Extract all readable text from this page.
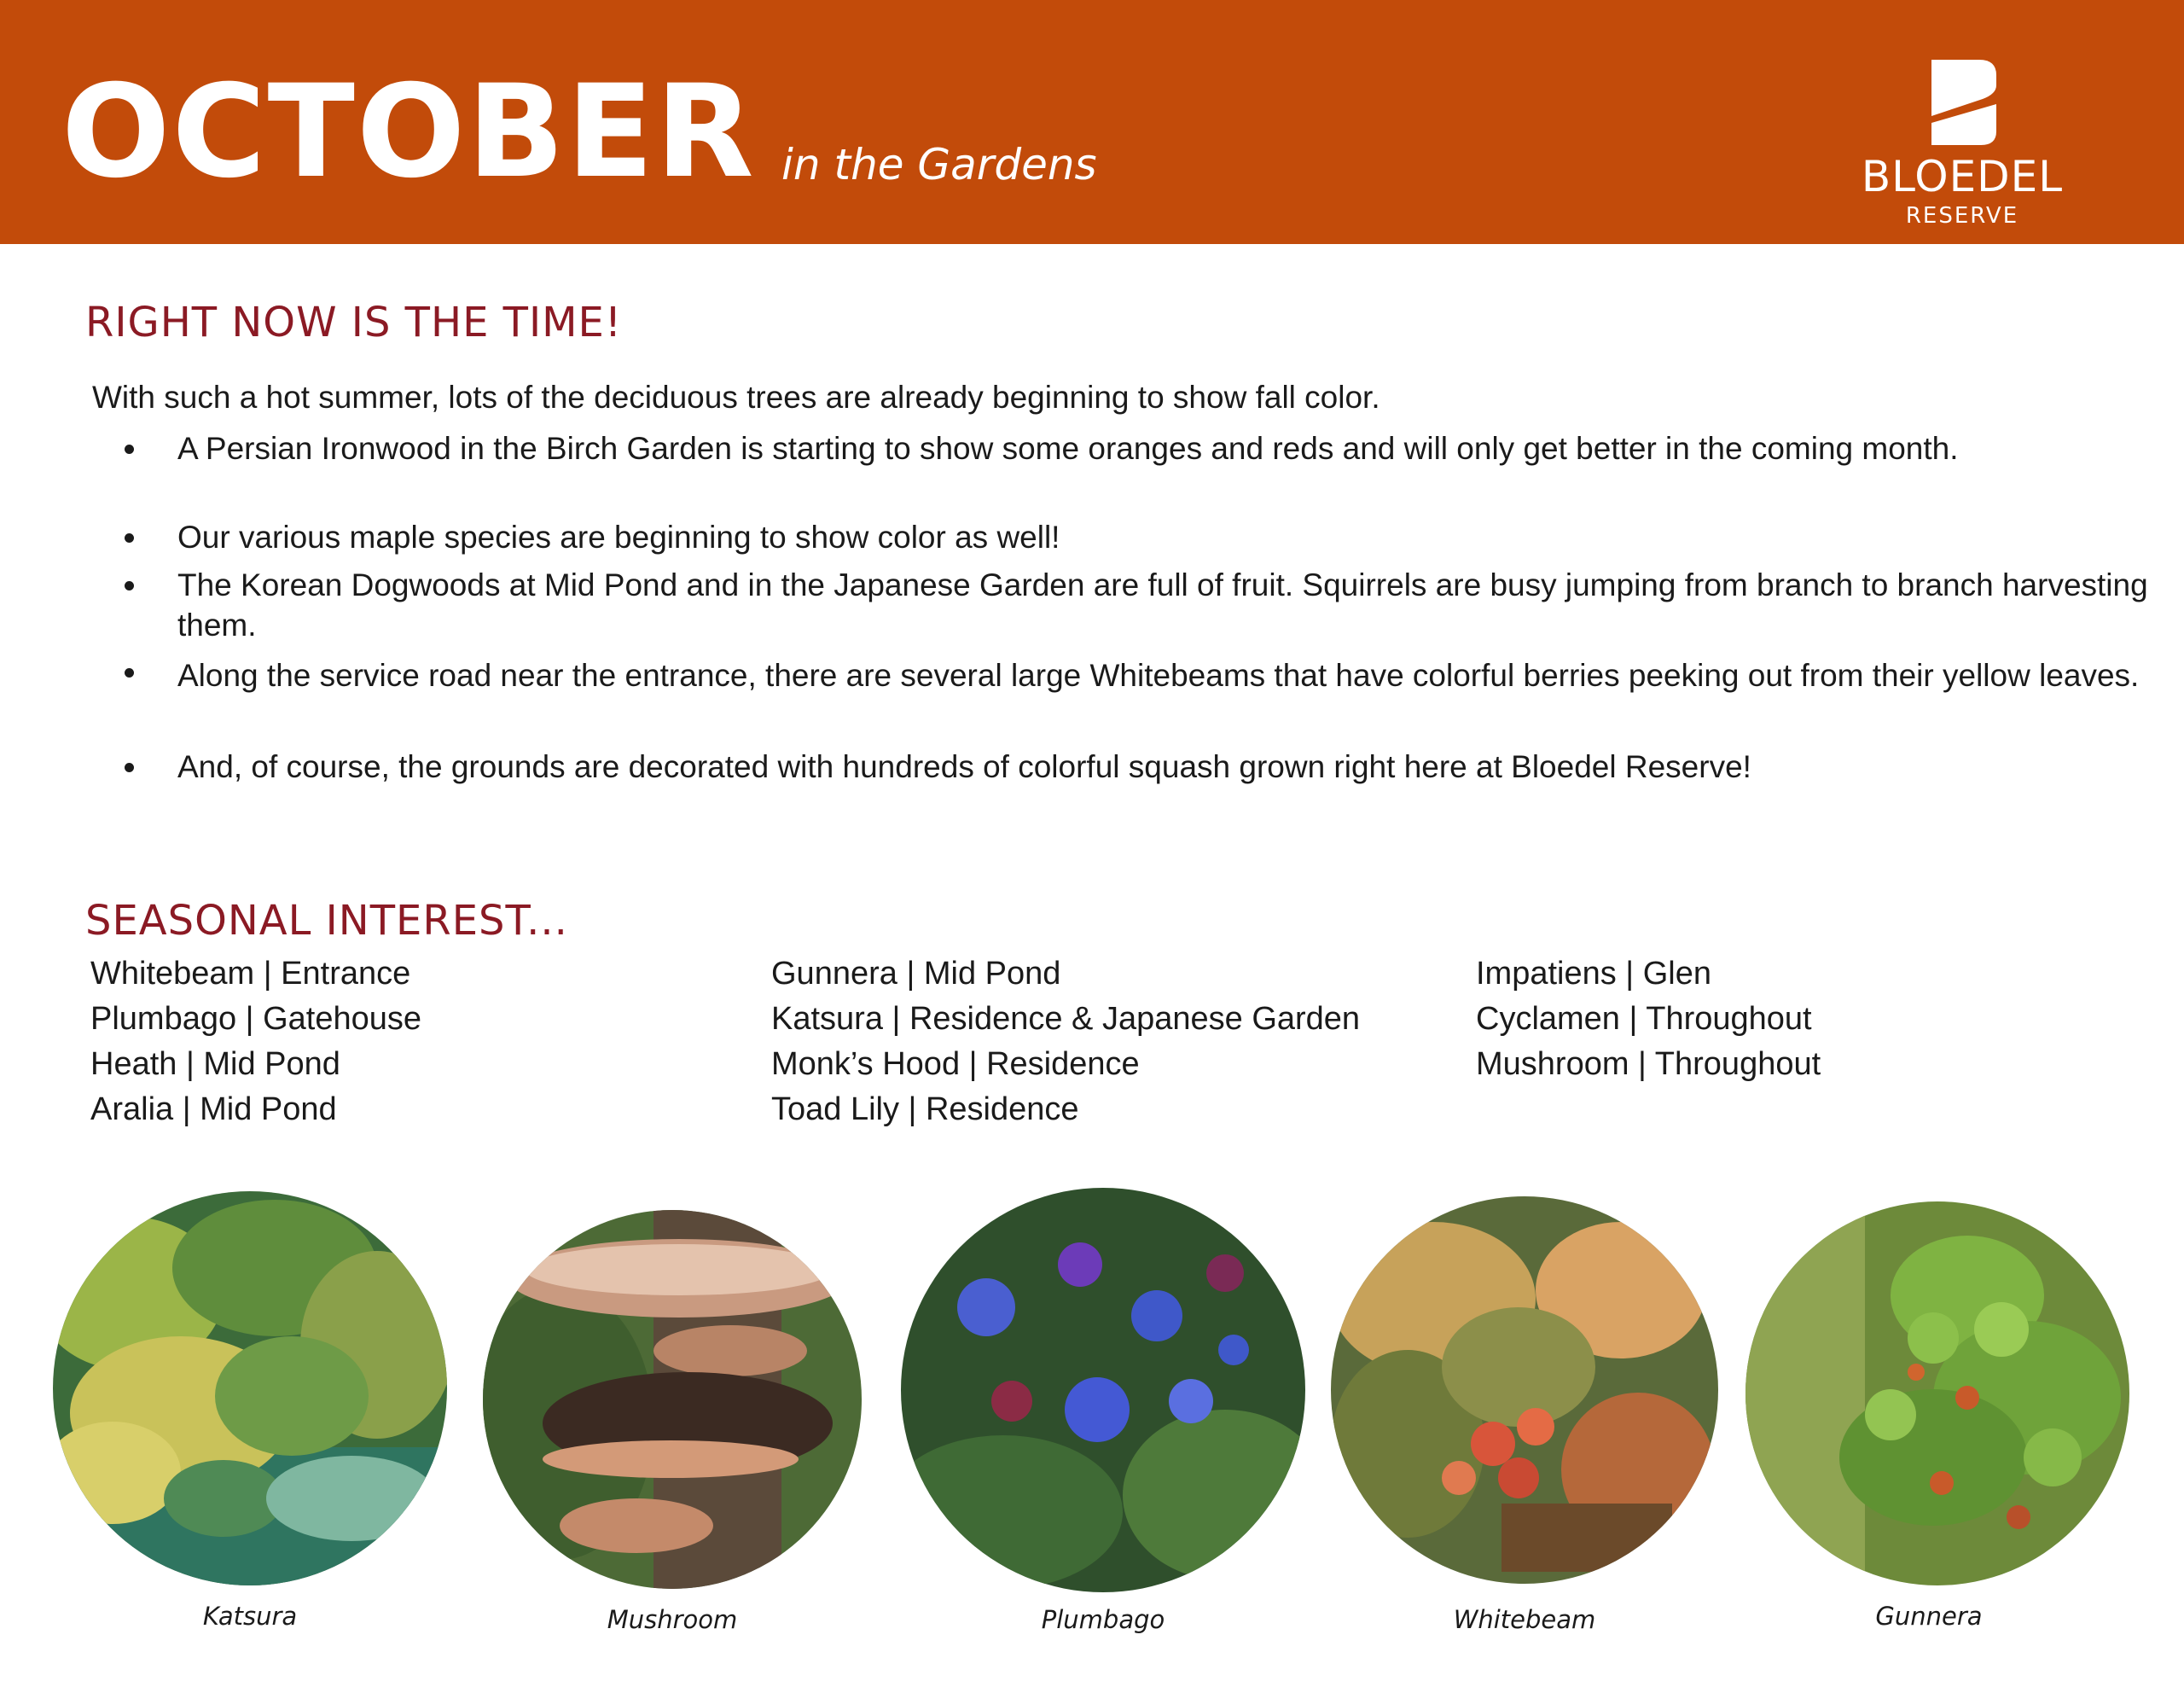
OCTOBER in the Gardens	BLOEDEL
RESERVE
RIGHT NOW IS THE TIME!
With such a hot summer, lots of the deciduous trees are already beginning to show fall color.
A Persian Ironwood in the Birch Garden is starting to show some oranges and reds and will only get better in the coming month.
Our various maple species are beginning to show color as well!
The Korean Dogwoods at Mid Pond and in the Japanese Garden are full of fruit. Squirrels are busy jumping from branch to branch harvesting them.
Along the service road near the entrance, there are several large Whitebeams that have colorful berries peeking out from their yellow leaves.
And, of course, the grounds are decorated with hundreds of colorful squash grown right here at Bloedel Reserve!
SEASONAL INTEREST...
Whitebeam | Entrance
Plumbago | Gatehouse
Heath | Mid Pond
Aralia | Mid Pond
Gunnera | Mid Pond
Katsura | Residence & Japanese Garden
Monk’s Hood | Residence
Toad Lily | Residence
Impatiens | Glen
Cyclamen | Throughout
Mushroom | Throughout
Katsura	Mushroom	Plumbago	Whitebeam	Gunnera
